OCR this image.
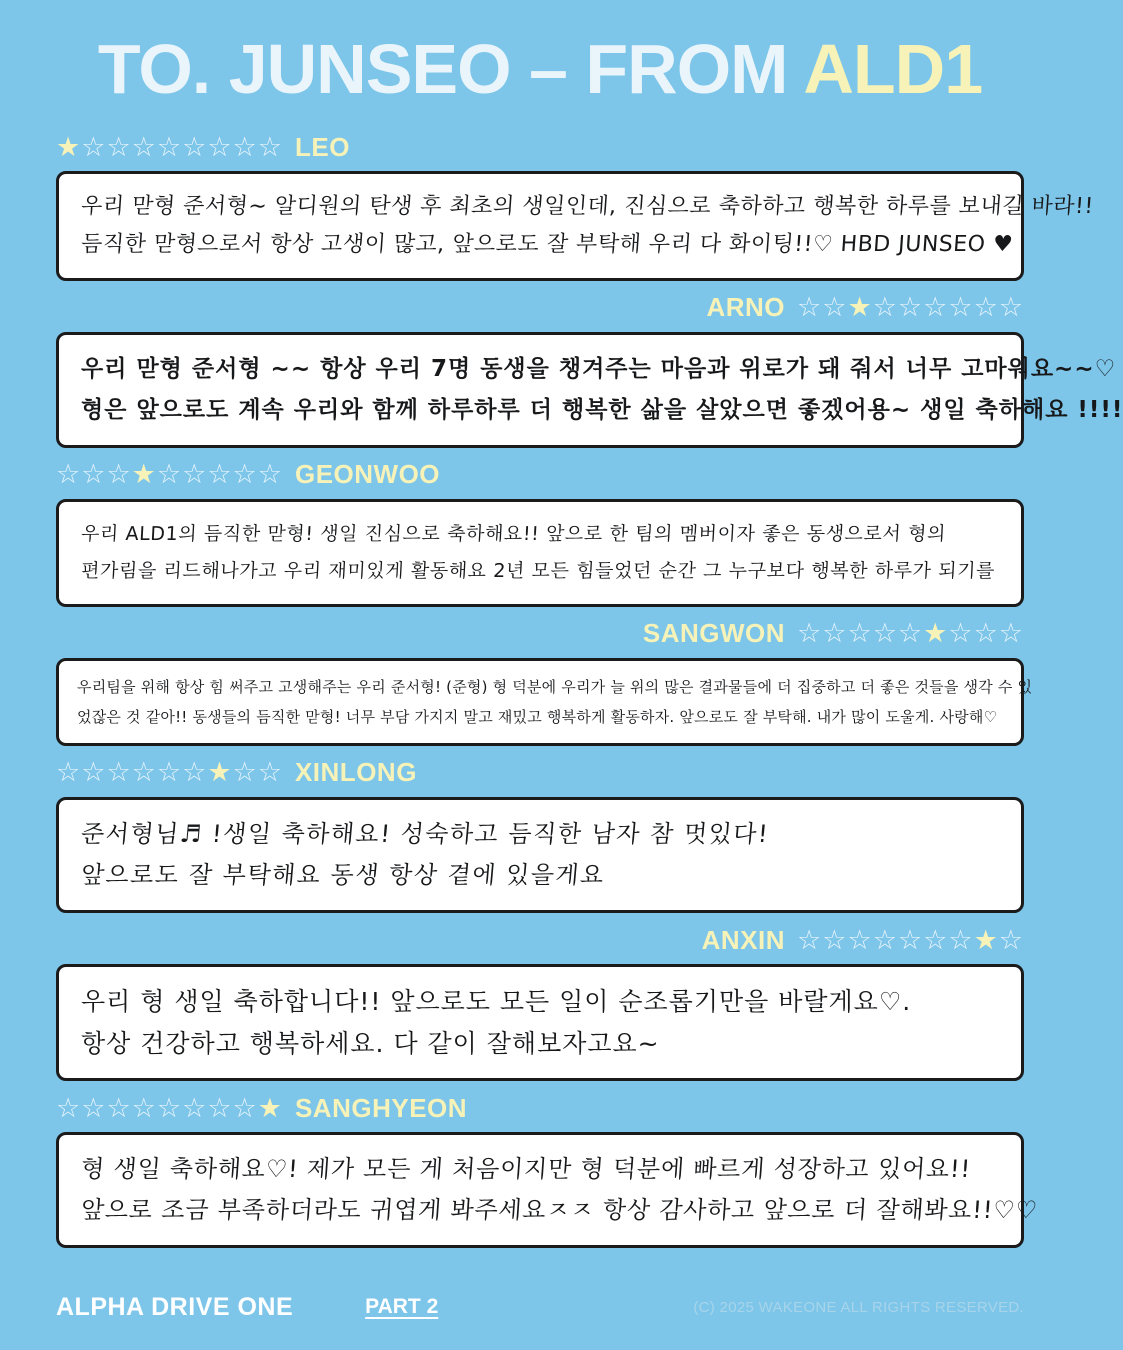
TO. JUNSEO – FROM ALD1
★☆☆☆☆☆☆☆☆ LEO
우리 맏형 준서형~ 알디원의 탄생 후 최초의 생일인데, 진심으로 축하하고 행복한 하루를 보내길 바라!!
듬직한 맏형으로서 항상 고생이 많고, 앞으로도 잘 부탁해 우리 다 화이팅!!♡ HBD JUNSEO ♥
ARNO ☆☆★☆☆☆☆☆☆
우리 맏형 준서형 ~~ 항상 우리 7명 동생을 챙겨주는 마음과 위로가 돼 줘서 너무 고마워요~~♡
형은 앞으로도 계속 우리와 함께 하루하루 더 행복한 삶을 살았으면 좋겠어용~ 생일 축하해요 !!!!
☆☆☆★☆☆☆☆☆ GEONWOO
우리 ALD1의 듬직한 맏형! 생일 진심으로 축하해요!! 앞으로 한 팀의 멤버이자 좋은 동생으로서 형의
편가림을 리드해나가고 우리 재미있게 활동해요 2년 모든 힘들었던 순간 그 누구보다 행복한 하루가 되기를
SANGWON ☆☆☆☆☆★☆☆☆
우리팀을 위해 항상 힘 써주고 고생해주는 우리 준서형! (준형) 형 덕분에 우리가 늘 위의 많은 결과물들에 더 집중하고 더 좋은 것들을 생각 수 있
었잖은 것 같아!! 동생들의 듬직한 맏형! 너무 부담 가지지 말고 재밌고 행복하게 활동하자. 앞으로도 잘 부탁해. 내가 많이 도울게. 사랑해♡
☆☆☆☆☆☆★☆☆ XINLONG
준서형님♬ !생일 축하해요! 성숙하고 듬직한 남자 참 멋있다!
앞으로도 잘 부탁해요 동생 항상 곁에 있을게요
ANXIN ☆☆☆☆☆☆☆★☆
우리 형 생일 축하합니다!! 앞으로도 모든 일이 순조롭기만을 바랄게요♡.
항상 건강하고 행복하세요. 다 같이 잘해보자고요~
☆☆☆☆☆☆☆☆★ SANGHYEON
형 생일 축하해요♡! 제가 모든 게 처음이지만 형 덕분에 빠르게 성장하고 있어요!!
앞으로 조금 부족하더라도 귀엽게 봐주세요ㅈㅈ 항상 감사하고 앞으로 더 잘해봐요!!♡♡
ALPHA DRIVE ONE	PART 2	(C) 2025 WAKEONE ALL RIGHTS RESERVED.
